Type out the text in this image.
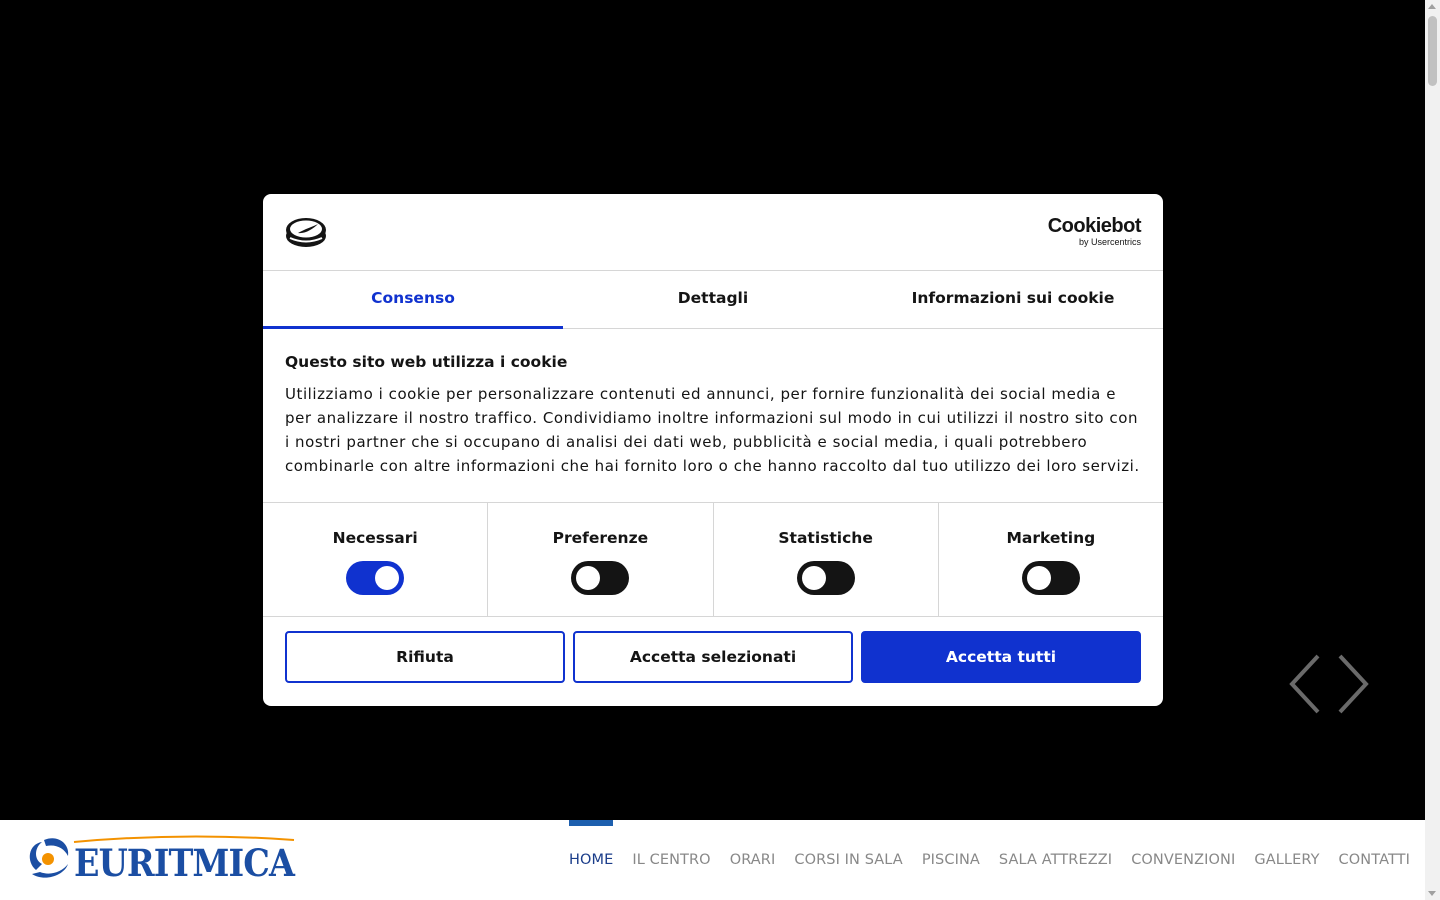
EURITMICA	HOME IL CENTRO ORARI CORSI IN SALA PISCINA SALA ATTREZZI CONVENZIONI GALLERY CONTATTI
Cookiebot
by Usercentrics
Consenso	Dettagli	Informazioni sui cookie

Questo sito web utilizza i cookie

Utilizziamo i cookie per personalizzare contenuti ed annunci, per fornire funzionalità dei social media e per analizzare il nostro traffico. Condividiamo inoltre informazioni sul modo in cui utilizzi il nostro sito con i nostri partner che si occupano di analisi dei dati web, pubblicità e social media, i quali potrebbero combinarle con altre informazioni che hai fornito loro o che hanno raccolto dal tuo utilizzo dei loro servizi.

Necessari	Preferenze	Statistiche	Marketing
Rifiuta	Accetta selezionati	Accetta tutti
